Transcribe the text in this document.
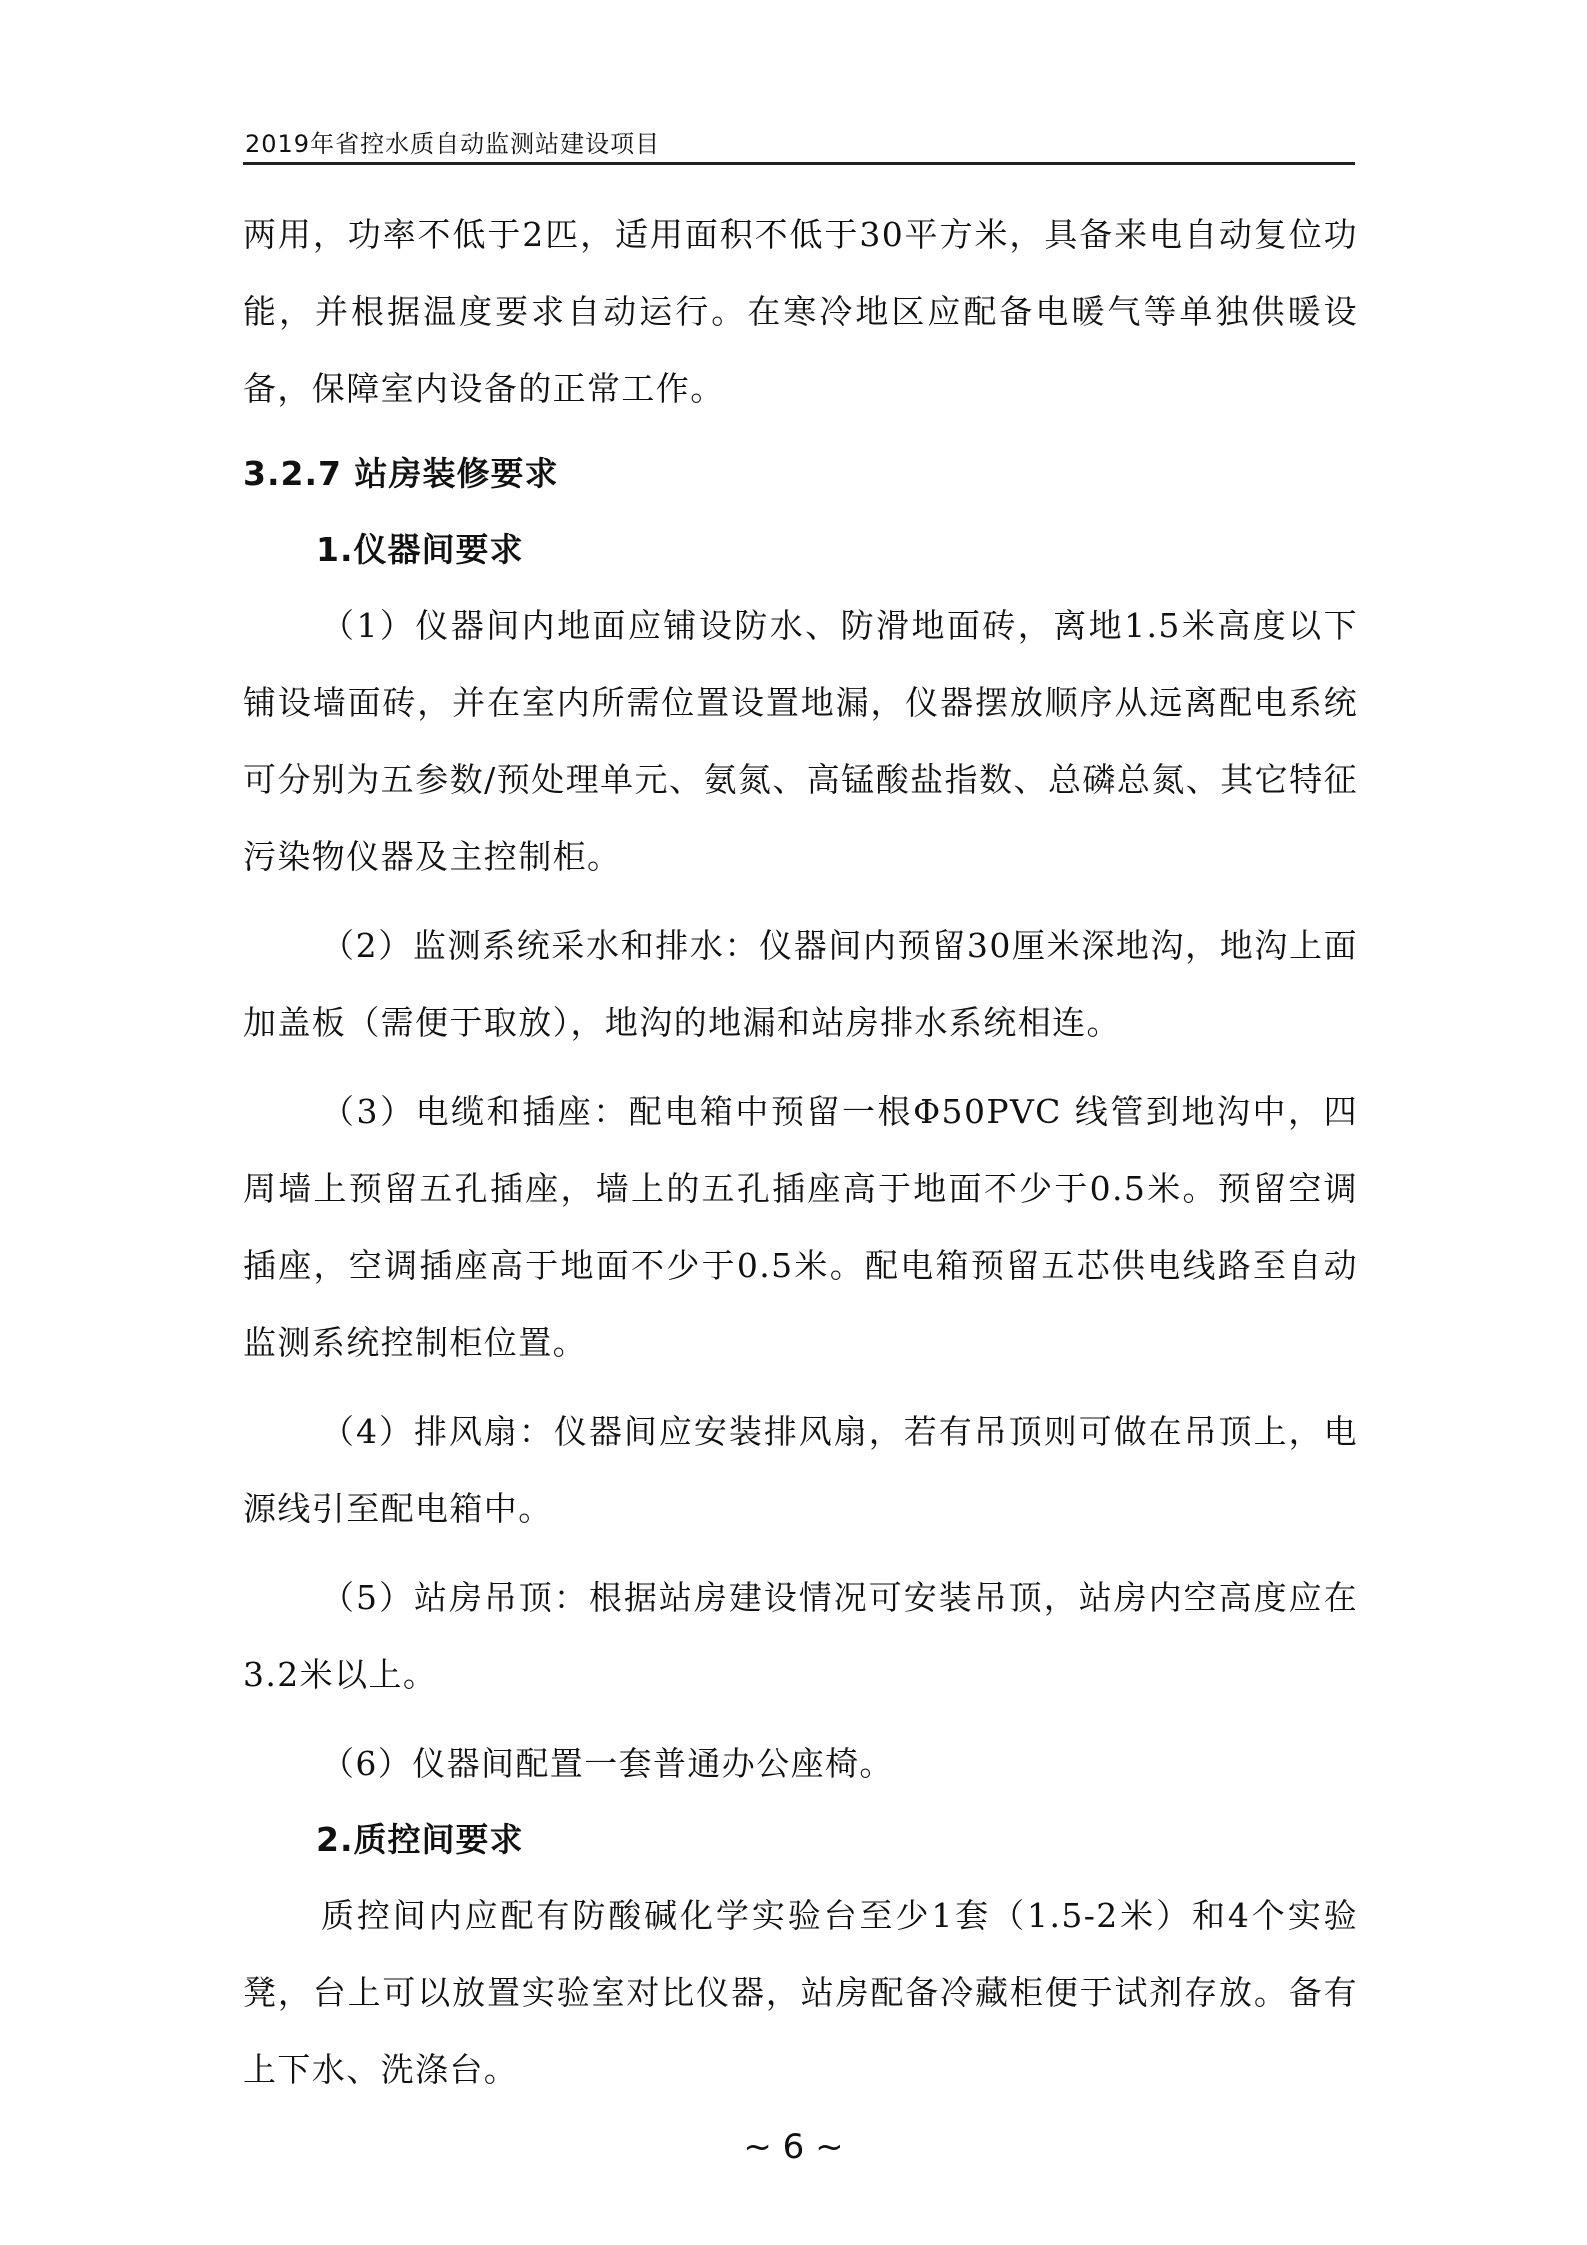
2019年省控水质自动监测站建设项目

两用，功率不低于2匹，适用面积不低于30平方米，具备来电自动复位功能，并根据温度要求自动运行。在寒冷地区应配备电暖气等单独供暖设备，保障室内设备的正常工作。

3.2.7 站房装修要求
1.仪器间要求

（1）仪器间内地面应铺设防水、防滑地面砖，离地1.5米高度以下铺设墙面砖，并在室内所需位置设置地漏，仪器摆放顺序从远离配电系统可分别为五参数/预处理单元、氨氮、高锰酸盐指数、总磷总氮、其它特征污染物仪器及主控制柜。

（2）监测系统采水和排水：仪器间内预留30厘米深地沟，地沟上面加盖板（需便于取放），地沟的地漏和站房排水系统相连。

（3）电缆和插座：配电箱中预留一根Φ50PVC 线管到地沟中，四周墙上预留五孔插座，墙上的五孔插座高于地面不少于0.5米。预留空调插座，空调插座高于地面不少于0.5米。配电箱预留五芯供电线路至自动监测系统控制柜位置。

（4）排风扇：仪器间应安装排风扇，若有吊顶则可做在吊顶上，电源线引至配电箱中。

（5）站房吊顶：根据站房建设情况可安装吊顶，站房内空高度应在3.2米以上。

（6）仪器间配置一套普通办公座椅。

2.质控间要求

质控间内应配有防酸碱化学实验台至少1套（1.5-2米）和4个实验凳，台上可以放置实验室对比仪器，站房配备冷藏柜便于试剂存放。备有上下水、洗涤台。

~ 6 ~
